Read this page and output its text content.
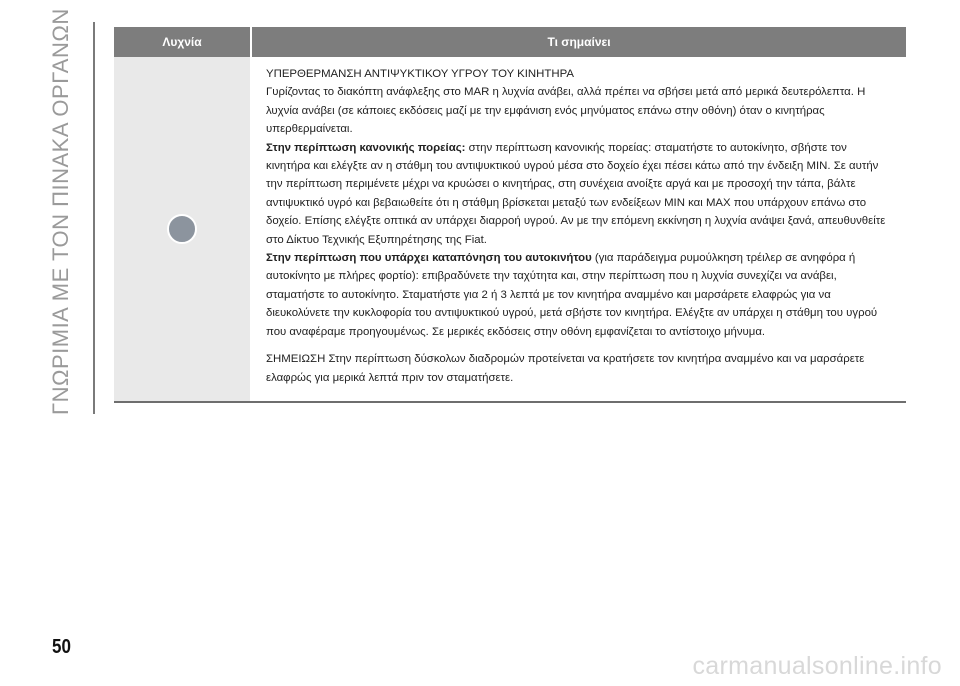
ΓΝΩΡΙΜΙΑ ΜΕ ΤΟΝ ΠΙΝΑΚΑ ΟΡΓΑΝΩΝ	Λυχνία	Τι σημαίνει

ΥΠΕΡΘΕΡΜΑΝΣΗ ΑΝΤΙΨΥΚΤΙΚΟΥ ΥΓΡΟΥ ΤΟΥ ΚΙΝΗΤΗΡΑ

Γυρίζοντας το διακόπτη ανάφλεξης στο MAR η λυχνία ανάβει, αλλά πρέπει να σβήσει μετά από μερικά δευτερόλεπτα. Η λυχνία ανάβει (σε κάποιες εκδόσεις μαζί με την εμφάνιση ενός μηνύματος επάνω στην οθόνη) όταν ο κινητήρας υπερθερμαίνεται.

Στην περίπτωση κανονικής πορείας: στην περίπτωση κανονικής πορείας: σταματήστε το αυτοκίνητο, σβήστε τον κινητήρα και ελέγξτε αν η στάθμη του αντιψυκτικού υγρού μέσα στο δοχείο έχει πέσει κάτω από την ένδειξη MIN. Σε αυτήν την περίπτωση περιμένετε μέχρι να κρυώσει ο κινητήρας, στη συνέχεια ανοίξτε αργά και με προσοχή την τάπα, βάλτε αντιψυκτικό υγρό και βεβαιωθείτε ότι η στάθμη βρίσκεται μεταξύ των ενδείξεων MIN και MAX που υπάρχουν επάνω στο δοχείο. Επίσης ελέγξτε οπτικά αν υπάρχει διαρροή υγρού. Αν με την επόμενη εκκίνηση η λυχνία ανάψει ξανά, απευθυνθείτε στο Δίκτυο Τεχνικής Εξυπηρέτησης της Fiat.

Στην περίπτωση που υπάρχει καταπόνηση του αυτοκινήτου (για παράδειγμα ρυμούλκηση τρέιλερ σε ανηφόρα ή αυτοκίνητο με πλήρες φορτίο): επιβραδύνετε την ταχύτητα και, στην περίπτωση που η λυχνία συνεχίζει να ανάβει, σταματήστε το αυτοκίνητο. Σταματήστε για 2 ή 3 λεπτά με τον κινητήρα αναμμένο και μαρσάρετε ελαφρώς για να διευκολύνετε την κυκλοφορία του αντιψυκτικού υγρού, μετά σβήστε τον κινητήρα. Ελέγξτε αν υπάρχει η στάθμη του υγρού που αναφέραμε προηγουμένως. Σε μερικές εκδόσεις στην οθόνη εμφανίζεται το αντίστοιχο μήνυμα.

ΣΗΜΕΙΩΣΗ Στην περίπτωση δύσκολων διαδρομών προτείνεται να κρατήσετε τον κινητήρα αναμμένο και να μαρσάρετε ελαφρώς για μερικά λεπτά πριν τον σταματήσετε.

50
carmanualsonline.info
